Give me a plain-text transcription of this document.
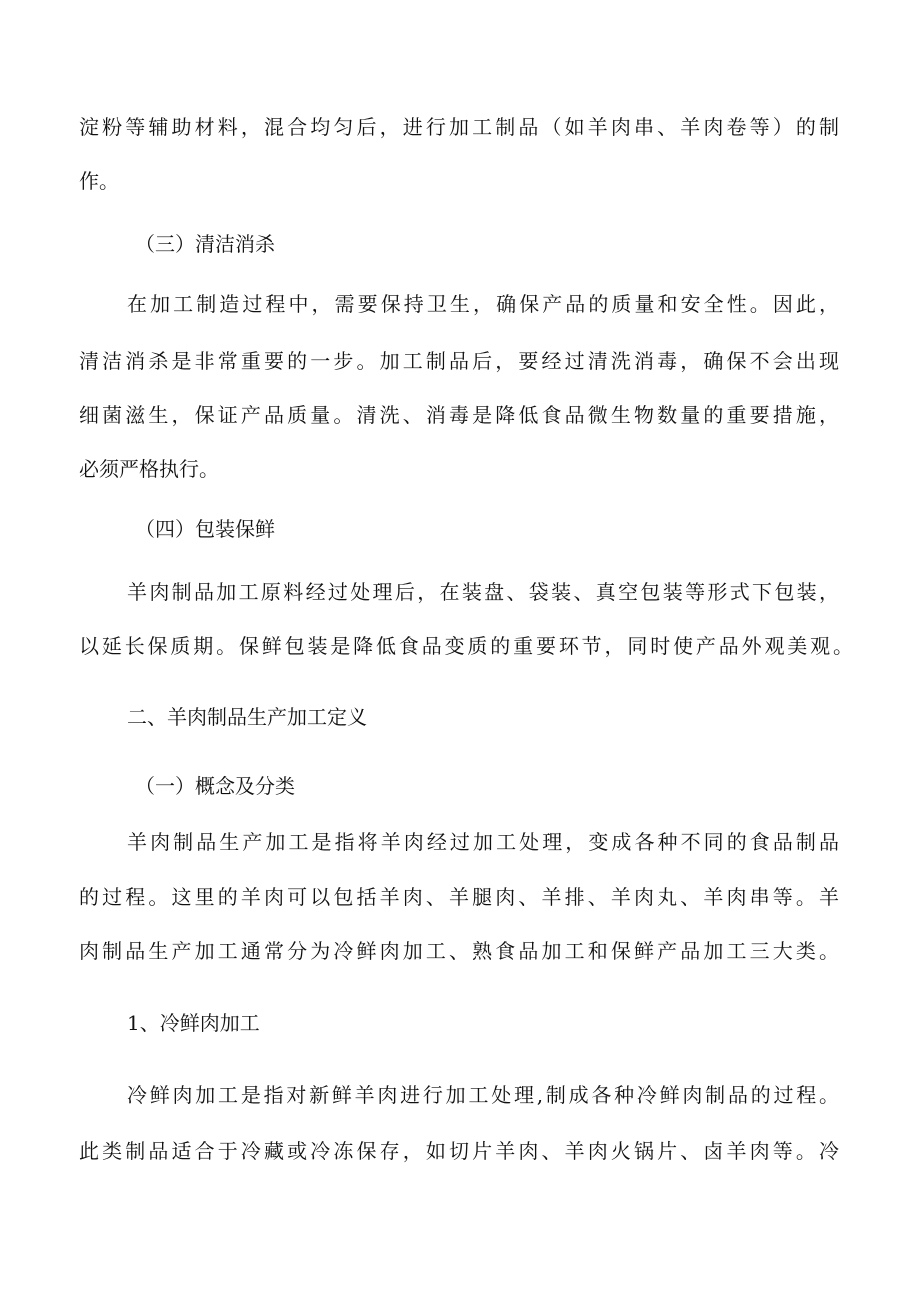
淀粉等辅助材料，混合均匀后，进行加工制品（如羊肉串、羊肉卷等）的制
作。
（三）清洁消杀
在加工制造过程中，需要保持卫生，确保产品的质量和安全性。因此，
清洁消杀是非常重要的一步。加工制品后，要经过清洗消毒，确保不会出现
细菌滋生，保证产品质量。清洗、消毒是降低食品微生物数量的重要措施，
必须严格执行。
（四）包装保鲜
羊肉制品加工原料经过处理后，在装盘、袋装、真空包装等形式下包装，
以延长保质期。保鲜包装是降低食品变质的重要环节，同时使产品外观美观。
二、羊肉制品生产加工定义
（一）概念及分类
羊肉制品生产加工是指将羊肉经过加工处理，变成各种不同的食品制品
的过程。这里的羊肉可以包括羊肉、羊腿肉、羊排、羊肉丸、羊肉串等。羊
肉制品生产加工通常分为冷鲜肉加工、熟食品加工和保鲜产品加工三大类。
1、冷鲜肉加工
冷鲜肉加工是指对新鲜羊肉进行加工处理,制成各种冷鲜肉制品的过程。
此类制品适合于冷藏或冷冻保存，如切片羊肉、羊肉火锅片、卤羊肉等。冷
